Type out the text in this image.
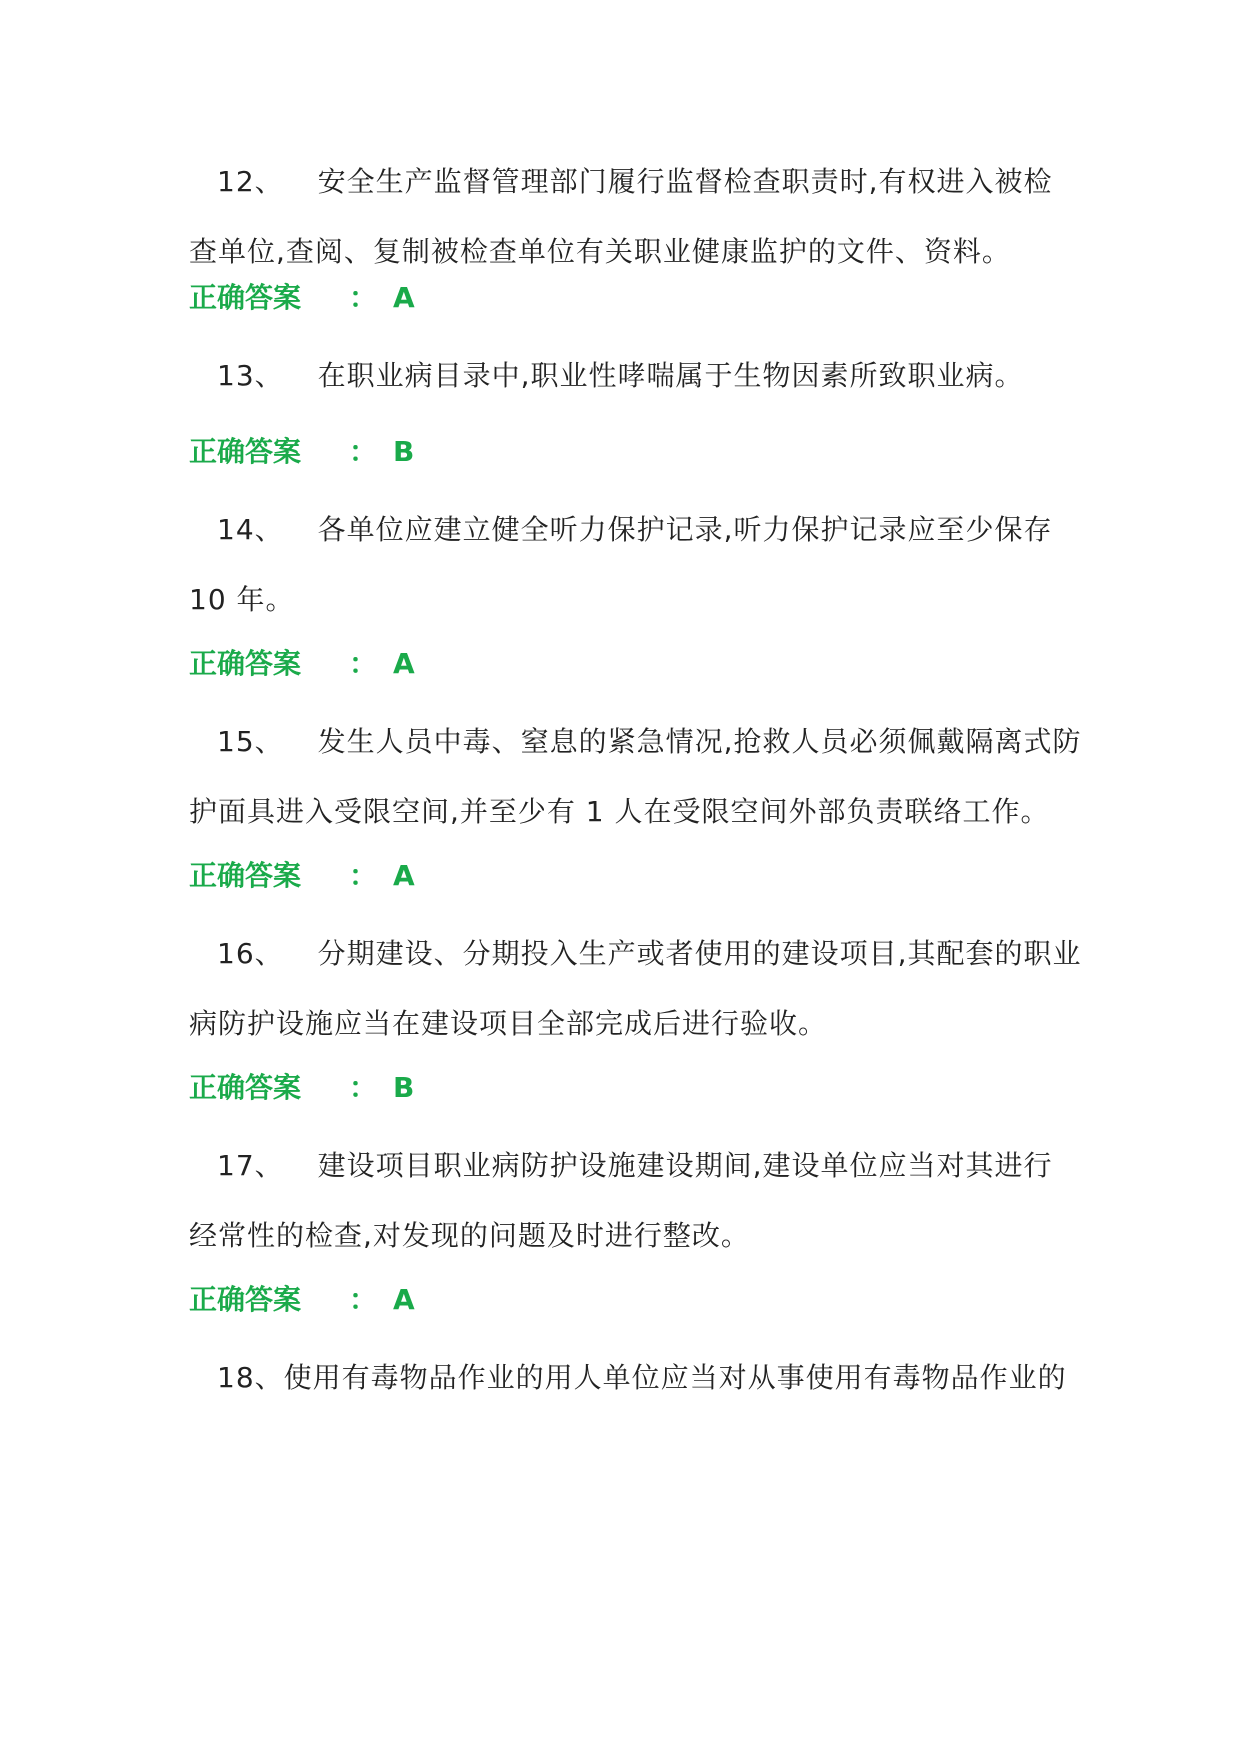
12、 安全生产监督管理部门履行监督检查职责时,有权进入被检
查单位,查阅、复制被检查单位有关职业健康监护的文件、资料。
正确答案 ： A
13、 在职业病目录中,职业性哮喘属于生物因素所致职业病。
正确答案 ： B
14、 各单位应建立健全听力保护记录,听力保护记录应至少保存
10 年。
正确答案 ： A
15、 发生人员中毒、窒息的紧急情况,抢救人员必须佩戴隔离式防
护面具进入受限空间,并至少有 1 人在受限空间外部负责联络工作。
正确答案 ： A
16、 分期建设、分期投入生产或者使用的建设项目,其配套的职业
病防护设施应当在建设项目全部完成后进行验收。
正确答案 ： B
17、 建设项目职业病防护设施建设期间,建设单位应当对其进行
经常性的检查,对发现的问题及时进行整改。
正确答案 ： A
18、使用有毒物品作业的用人单位应当对从事使用有毒物品作业的
